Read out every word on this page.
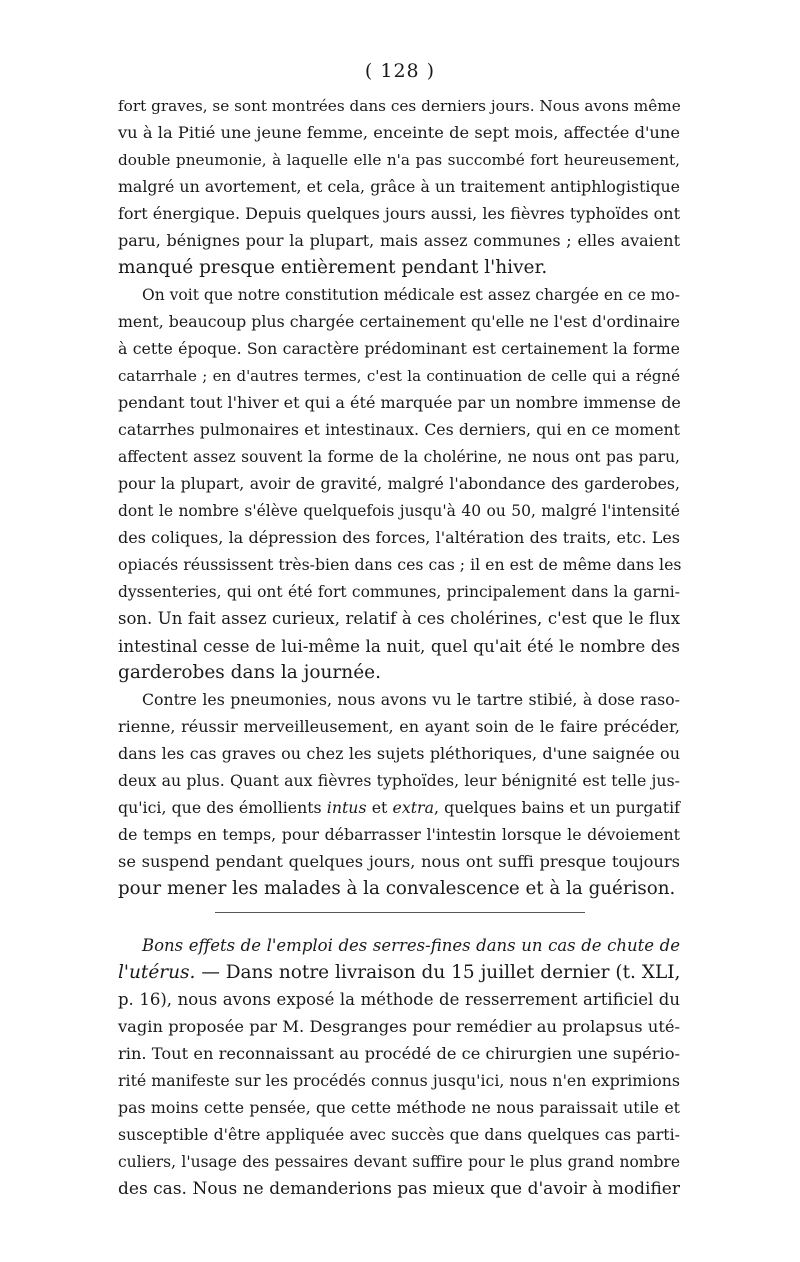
( 128 )
fort graves, se sont montrées dans ces derniers jours. Nous avons même
vu à la Pitié une jeune femme, enceinte de sept mois, affectée d'une
double pneumonie, à laquelle elle n'a pas succombé fort heureusement,
malgré un avortement, et cela, grâce à un traitement antiphlogistique
fort énergique. Depuis quelques jours aussi, les fièvres typhoïdes ont
paru, bénignes pour la plupart, mais assez communes ; elles avaient
manqué presque entièrement pendant l'hiver.
On voit que notre constitution médicale est assez chargée en ce mo-
ment, beaucoup plus chargée certainement qu'elle ne l'est d'ordinaire
à cette époque. Son caractère prédominant est certainement la forme
catarrhale ; en d'autres termes, c'est la continuation de celle qui a régné
pendant tout l'hiver et qui a été marquée par un nombre immense de
catarrhes pulmonaires et intestinaux. Ces derniers, qui en ce moment
affectent assez souvent la forme de la cholérine, ne nous ont pas paru,
pour la plupart, avoir de gravité, malgré l'abondance des garderobes,
dont le nombre s'élève quelquefois jusqu'à 40 ou 50, malgré l'intensité
des coliques, la dépression des forces, l'altération des traits, etc. Les
opiacés réussissent très-bien dans ces cas ; il en est de même dans les
dyssenteries, qui ont été fort communes, principalement dans la garni-
son. Un fait assez curieux, relatif à ces cholérines, c'est que le flux
intestinal cesse de lui-même la nuit, quel qu'ait été le nombre des
garderobes dans la journée.
Contre les pneumonies, nous avons vu le tartre stibié, à dose raso-
rienne, réussir merveilleusement, en ayant soin de le faire précéder,
dans les cas graves ou chez les sujets pléthoriques, d'une saignée ou
deux au plus. Quant aux fièvres typhoïdes, leur bénignité est telle jus-
qu'ici, que des émollients intus et extra, quelques bains et un purgatif
de temps en temps, pour débarrasser l'intestin lorsque le dévoiement
se suspend pendant quelques jours, nous ont suffi presque toujours
pour mener les malades à la convalescence et à la guérison.
Bons effets de l'emploi des serres-fines dans un cas de chute de
l'utérus. — Dans notre livraison du 15 juillet dernier (t. XLI,
p. 16), nous avons exposé la méthode de resserrement artificiel du
vagin proposée par M. Desgranges pour remédier au prolapsus uté-
rin. Tout en reconnaissant au procédé de ce chirurgien une supério-
rité manifeste sur les procédés connus jusqu'ici, nous n'en exprimions
pas moins cette pensée, que cette méthode ne nous paraissait utile et
susceptible d'être appliquée avec succès que dans quelques cas parti-
culiers, l'usage des pessaires devant suffire pour le plus grand nombre
des cas. Nous ne demanderions pas mieux que d'avoir à modifier
